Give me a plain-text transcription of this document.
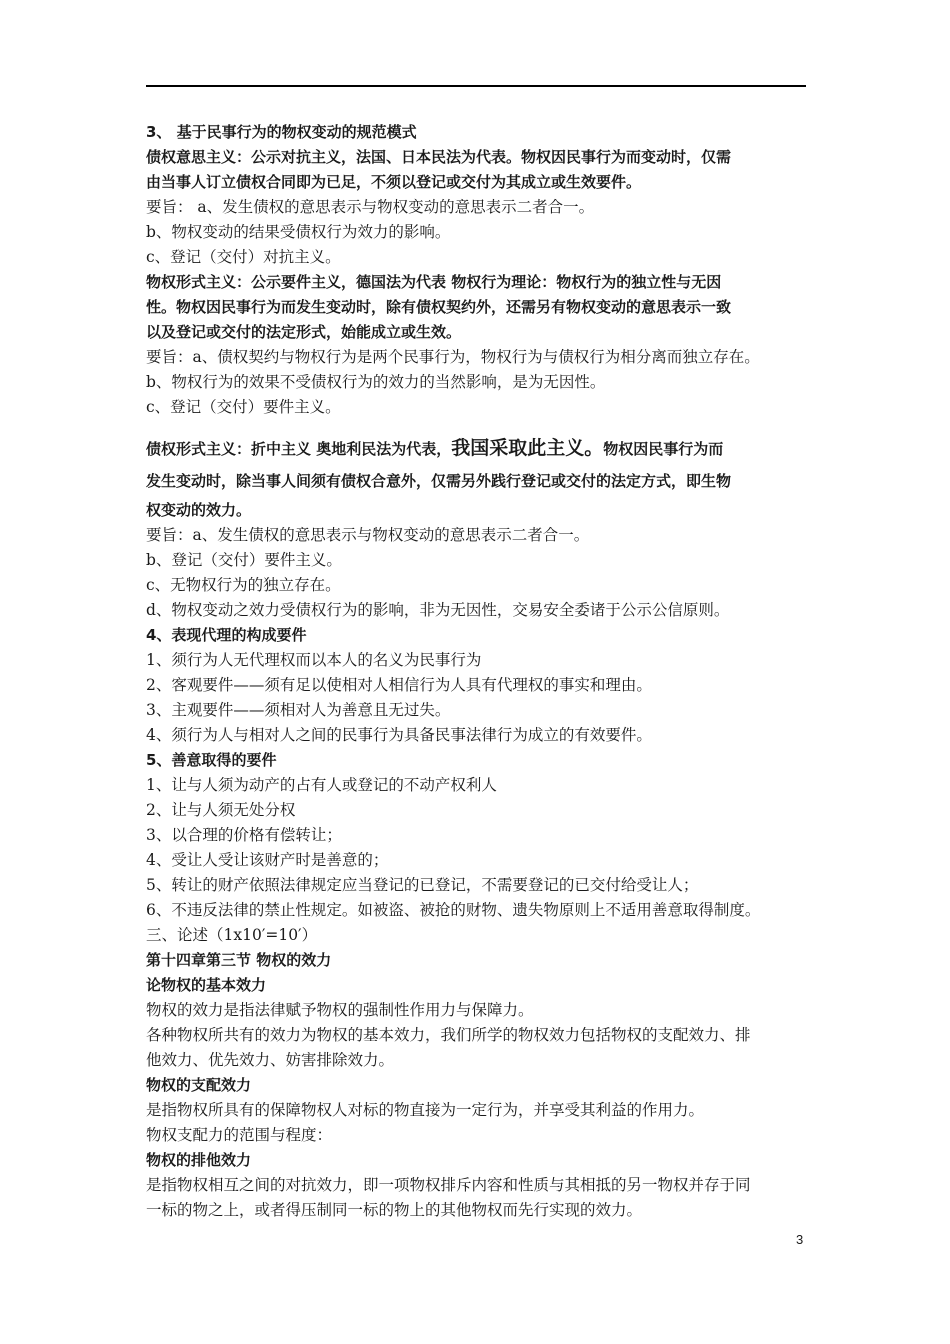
3、 基于民事行为的物权变动的规范模式
债权意思主义：公示对抗主义，法国、日本民法为代表。物权因民事行为而变动时，仅需
由当事人订立债权合同即为已足，不须以登记或交付为其成立或生效要件。
要旨： a、发生债权的意思表示与物权变动的意思表示二者合一。
b、物权变动的结果受债权行为效力的影响。
c、登记（交付）对抗主义。
物权形式主义：公示要件主义，德国法为代表 物权行为理论：物权行为的独立性与无因
性。物权因民事行为而发生变动时，除有债权契约外，还需另有物权变动的意思表示一致
以及登记或交付的法定形式，始能成立或生效。
要旨：a、债权契约与物权行为是两个民事行为，物权行为与债权行为相分离而独立存在。
b、物权行为的效果不受债权行为的效力的当然影响，是为无因性。
c、登记（交付）要件主义。
债权形式主义：折中主义 奥地利民法为代表，我国采取此主义。物权因民事行为而
发生变动时，除当事人间须有债权合意外，仅需另外践行登记或交付的法定方式，即生物
权变动的效力。
要旨：a、发生债权的意思表示与物权变动的意思表示二者合一。
b、登记（交付）要件主义。
c、无物权行为的独立存在。
d、物权变动之效力受债权行为的影响，非为无因性，交易安全委诸于公示公信原则。
4、表现代理的构成要件
1、须行为人无代理权而以本人的名义为民事行为
2、客观要件——须有足以使相对人相信行为人具有代理权的事实和理由。
3、主观要件——须相对人为善意且无过失。
4、须行为人与相对人之间的民事行为具备民事法律行为成立的有效要件。
5、善意取得的要件
1、让与人须为动产的占有人或登记的不动产权利人
2、让与人须无处分权
3、以合理的价格有偿转让；
4、受让人受让该财产时是善意的；
5、转让的财产依照法律规定应当登记的已登记，不需要登记的已交付给受让人；
6、不违反法律的禁止性规定。如被盗、被抢的财物、遗失物原则上不适用善意取得制度。
三、论述（1x10′=10′）
第十四章第三节 物权的效力
论物权的基本效力
物权的效力是指法律赋予物权的强制性作用力与保障力。
各种物权所共有的效力为物权的基本效力，我们所学的物权效力包括物权的支配效力、排
他效力、优先效力、妨害排除效力。
物权的支配效力
是指物权所具有的保障物权人对标的物直接为一定行为，并享受其利益的作用力。
物权支配力的范围与程度：
物权的排他效力
是指物权相互之间的对抗效力，即一项物权排斥内容和性质与其相抵的另一物权并存于同
一标的物之上，或者得压制同一标的物上的其他物权而先行实现的效力。
3
